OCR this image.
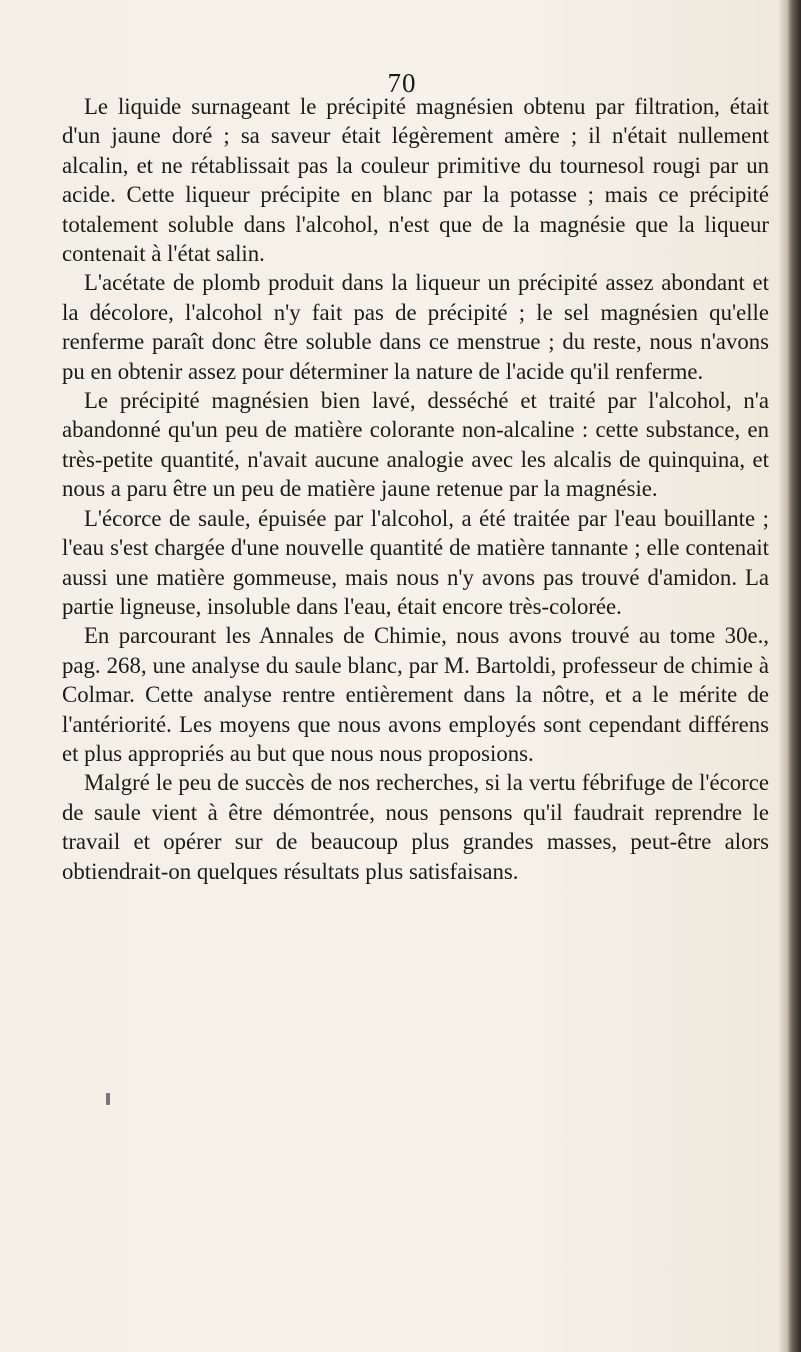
70

Le liquide surnageant le précipité magnésien obtenu par filtration, était d'un jaune doré ; sa saveur était légèrement amère ; il n'était nullement alcalin, et ne rétablissait pas la couleur primitive du tournesol rougi par un acide. Cette liqueur précipite en blanc par la potasse ; mais ce précipité totalement soluble dans l'alcohol, n'est que de la magnésie que la liqueur contenait à l'état salin.

L'acétate de plomb produit dans la liqueur un précipité assez abondant et la décolore, l'alcohol n'y fait pas de précipité ; le sel magnésien qu'elle renferme paraît donc être soluble dans ce menstrue ; du reste, nous n'avons pu en obtenir assez pour déterminer la nature de l'acide qu'il renferme.

Le précipité magnésien bien lavé, desséché et traité par l'alcohol, n'a abandonné qu'un peu de matière colorante non-alcaline : cette substance, en très-petite quantité, n'avait aucune analogie avec les alcalis de quinquina, et nous a paru être un peu de matière jaune retenue par la magnésie.

L'écorce de saule, épuisée par l'alcohol, a été traitée par l'eau bouillante ; l'eau s'est chargée d'une nouvelle quantité de matière tannante ; elle contenait aussi une matière gommeuse, mais nous n'y avons pas trouvé d'amidon. La partie ligneuse, insoluble dans l'eau, était encore très-colorée.

En parcourant les Annales de Chimie, nous avons trouvé au tome 30e., pag. 268, une analyse du saule blanc, par M. Bartoldi, professeur de chimie à Colmar. Cette analyse rentre entièrement dans la nôtre, et a le mérite de l'antériorité. Les moyens que nous avons employés sont cependant différens et plus appropriés au but que nous nous proposions.

Malgré le peu de succès de nos recherches, si la vertu fébrifuge de l'écorce de saule vient à être démontrée, nous pensons qu'il faudrait reprendre le travail et opérer sur de beaucoup plus grandes masses, peut-être alors obtiendrait-on quelques résultats plus satisfaisans.
